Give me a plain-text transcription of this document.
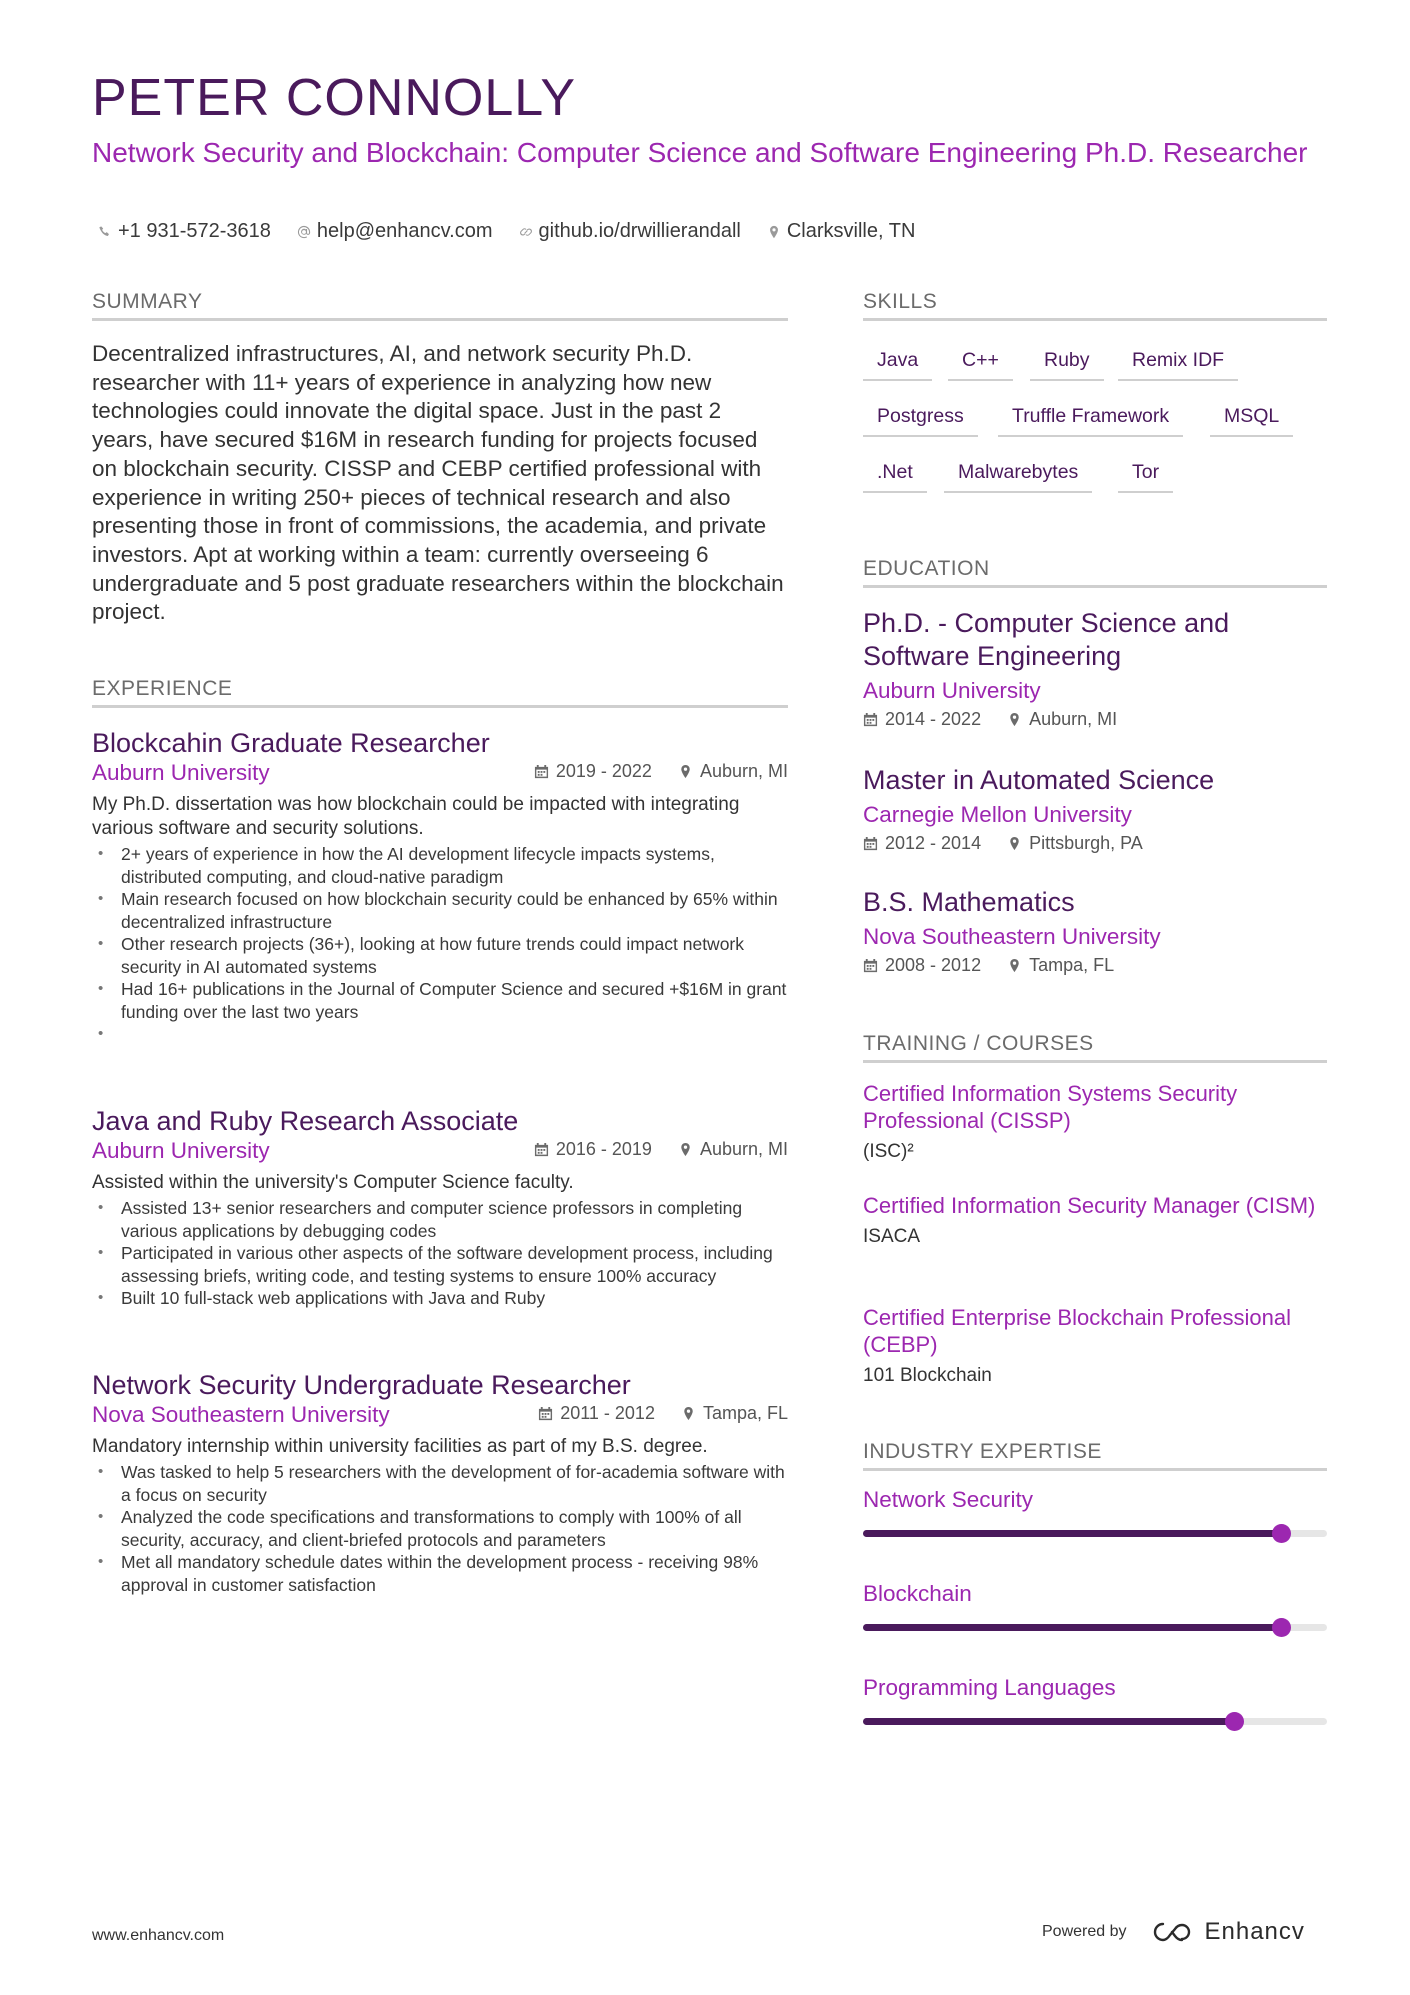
PETER CONNOLLY
Network Security and Blockchain: Computer Science and Software Engineering Ph.D. Researcher
+1 931-572-3618 help@enhancv.com github.io/drwillierandall Clarksville, TN
SUMMARY
Decentralized infrastructures, AI, and network security Ph.D. researcher with 11+ years of experience in analyzing how new technologies could innovate the digital space. Just in the past 2 years, have secured $16M in research funding for projects focused on blockchain security. CISSP and CEBP certified professional with experience in writing 250+ pieces of technical research and also presenting those in front of commissions, the academia, and private investors. Apt at working within a team: currently overseeing 6 undergraduate and 5 post graduate researchers within the blockchain project.
EXPERIENCE
Blockcahin Graduate Researcher
Auburn University	2019 - 2022	Auburn, MI
My Ph.D. dissertation was how blockchain could be impacted with integrating various software and security solutions.
• 2+ years of experience in how the AI development lifecycle impacts systems, distributed computing, and cloud-native paradigm
• Main research focused on how blockchain security could be enhanced by 65% within decentralized infrastructure
• Other research projects (36+), looking at how future trends could impact network security in AI automated systems
• Had 16+ publications in the Journal of Computer Science and secured +$16M in grant funding over the last two years
•
Java and Ruby Research Associate
Auburn University	2016 - 2019	Auburn, MI
Assisted within the university's Computer Science faculty.
• Assisted 13+ senior researchers and computer science professors in completing various applications by debugging codes
• Participated in various other aspects of the software development process, including assessing briefs, writing code, and testing systems to ensure 100% accuracy
• Built 10 full-stack web applications with Java and Ruby
Network Security Undergraduate Researcher
Nova Southeastern University	2011 - 2012	Tampa, FL
Mandatory internship within university facilities as part of my B.S. degree.
• Was tasked to help 5 researchers with the development of for-academia software with a focus on security
• Analyzed the code specifications and transformations to comply with 100% of all security, accuracy, and client-briefed protocols and parameters
• Met all mandatory schedule dates within the development process - receiving 98% approval in customer satisfaction
SKILLS
Java	C++	Ruby	Remix IDF
Postgress	Truffle Framework	MSQL
.Net	Malwarebytes	Tor
EDUCATION
Ph.D. - Computer Science and Software Engineering
Auburn University
2014 - 2022	Auburn, MI
Master in Automated Science
Carnegie Mellon University
2012 - 2014	Pittsburgh, PA
B.S. Mathematics
Nova Southeastern University
2008 - 2012	Tampa, FL
TRAINING / COURSES
Certified Information Systems Security Professional (CISSP)
(ISC)²
Certified Information Security Manager (CISM)
ISACA
Certified Enterprise Blockchain Professional (CEBP)
101 Blockchain
INDUSTRY EXPERTISE
Network Security
Blockchain
Programming Languages
www.enhancv.com	Powered by	Enhancv
